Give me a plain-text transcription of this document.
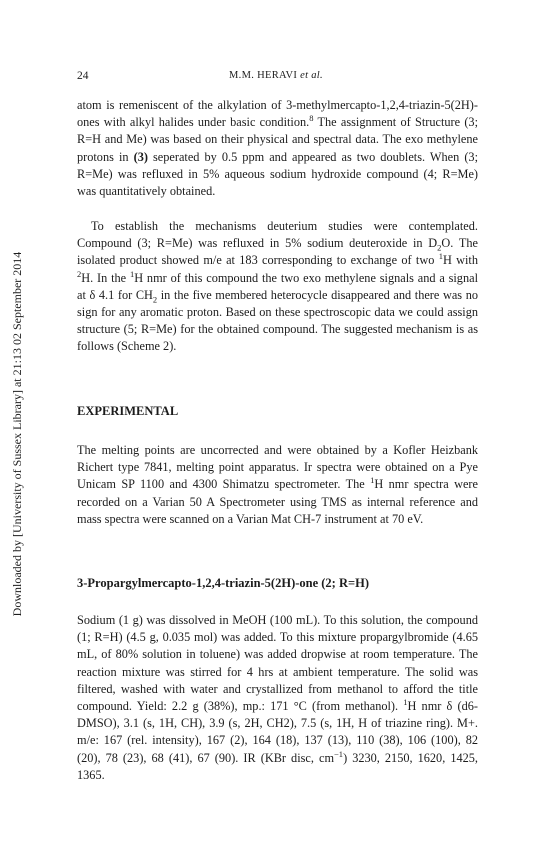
24	M.M. HERAVI et al.
Downloaded by [University of Sussex Library] at 21:13 02 September 2014

atom is remeniscent of the alkylation of 3-methylmercapto-1,2,4-triazin-5(2H)-ones with alkyl halides under basic condition.$^8$ The assignment of Structure (3; R=H and Me) was based on their physical and spectral data. The exo methylene protons in (3) seperated by 0.5 ppm and appeared as two doublets. When (3; R=Me) was refluxed in 5% aqueous sodium hydroxide compound (4; R=Me) was quantitatively obtained.

To establish the mechanisms deuterium studies were contemplated. Compound (3; R=Me) was refluxed in 5% sodium deuteroxide in $D_2O$. The isolated product showed m/e at 183 corresponding to exchange of two $^1$H with $^2$H. In the $^1$H nmr of this compound the two exo methylene signals and a signal at δ 4.1 for $CH_2$ in the five membered heterocycle disappeared and there was no sign for any aromatic proton. Based on these spectroscopic data we could assign structure (5; R=Me) for the obtained compound. The suggested mechanism is as follows (Scheme 2).

EXPERIMENTAL

The melting points are uncorrected and were obtained by a Kofler Heizbank Richert type 7841, melting point apparatus. Ir spectra were obtained on a Pye Unicam SP 1100 and 4300 Shimatzu spectrometer. The $^1$H nmr spectra were recorded on a Varian 50 A Spectrometer using TMS as internal reference and mass spectra were scanned on a Varian Mat CH-7 instrument at 70 eV.

3-Propargylmercapto-1,2,4-triazin-5(2H)-one (2; R=H)

Sodium (1 g) was dissolved in MeOH (100 mL). To this solution, the compound (1; R=H) (4.5 g, 0.035 mol) was added. To this mixture propargylbromide (4.65 mL, of 80% solution in toluene) was added dropwise at room temperature. The reaction mixture was stirred for 4 hrs at ambient temperature. The solid was filtered, washed with water and crystallized from methanol to afford the title compound. Yield: 2.2 g (38%), mp.: 171 °C (from methanol). $^1$H nmr δ (d6-DMSO), 3.1 (s, 1H, CH), 3.9 (s, 2H, CH2), 7.5 (s, 1H, H of triazine ring). M+. m/e: 167 (rel. intensity), 167 (2), 164 (18), 137 (13), 110 (38), 106 (100), 82 (20), 78 (23), 68 (41), 67 (90). IR (KBr disc, $cm^{-1}$) 3230, 2150, 1620, 1425, 1365.
